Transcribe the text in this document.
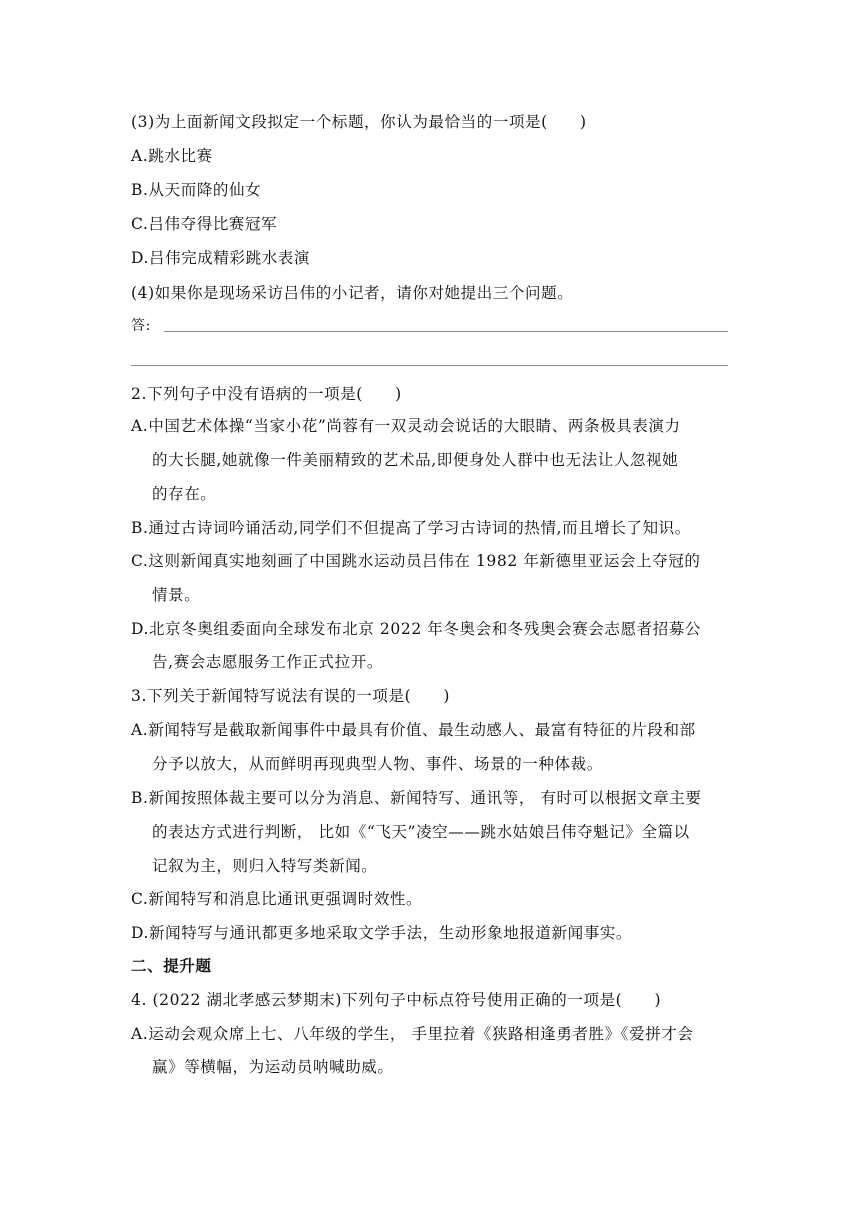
(3)为上面新闻文段拟定一个标题，你认为最恰当的一项是(　　)
A.跳水比赛
B.从天而降的仙女
C.吕伟夺得比赛冠军
D.吕伟完成精彩跳水表演
(4)如果你是现场采访吕伟的小记者，请你对她提出三个问题。
答:
2.下列句子中没有语病的一项是(　　)
A.中国艺术体操“当家小花”尚蓉有一双灵动会说话的大眼睛、两条极具表演力
的大长腿,她就像一件美丽精致的艺术品,即便身处人群中也无法让人忽视她
的存在。
B.通过古诗词吟诵活动,同学们不但提高了学习古诗词的热情,而且增长了知识。
C.这则新闻真实地刻画了中国跳水运动员吕伟在 1982 年新德里亚运会上夺冠的
情景。
D.北京冬奥组委面向全球发布北京 2022 年冬奥会和冬残奥会赛会志愿者招募公
告,赛会志愿服务工作正式拉开。
3.下列关于新闻特写说法有误的一项是(　　)
A.新闻特写是截取新闻事件中最具有价值、最生动感人、最富有特征的片段和部
分予以放大，从而鲜明再现典型人物、事件、场景的一种体裁。
B.新闻按照体裁主要可以分为消息、新闻特写、通讯等， 有时可以根据文章主要
的表达方式进行判断， 比如《“飞天”凌空——跳水姑娘吕伟夺魁记》全篇以
记叙为主，则归入特写类新闻。
C.新闻特写和消息比通讯更强调时效性。
D.新闻特写与通讯都更多地采取文学手法，生动形象地报道新闻事实。
二、提升题
4. (2022 湖北孝感云梦期末)下列句子中标点符号使用正确的一项是(　　)
A.运动会观众席上七、八年级的学生， 手里拉着《狭路相逢勇者胜》《爱拼才会
赢》等横幅，为运动员呐喊助威。
